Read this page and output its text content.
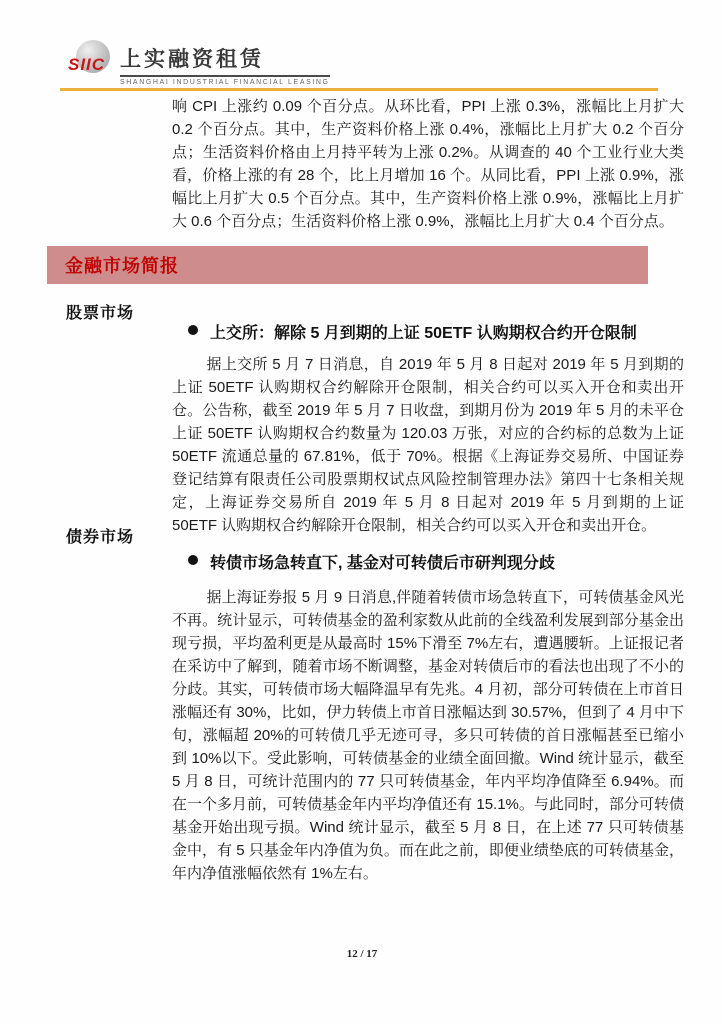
SIIC 上实融资租赁
SHANGHAI INDUSTRIAL FINANCIAL LEASING
响 CPI 上涨约 0.09 个百分点。从环比看，PPI 上涨 0.3%，涨幅比上月扩大 0.2 个百分点。其中，生产资料价格上涨 0.4%，涨幅比上月扩大 0.2 个百分点；生活资料价格由上月持平转为上涨 0.2%。从调查的 40 个工业行业大类看，价格上涨的有 28 个，比上月增加 16 个。从同比看，PPI 上涨 0.9%，涨幅比上月扩大 0.5 个百分点。其中，生产资料价格上涨 0.9%，涨幅比上月扩大 0.6 个百分点；生活资料价格上涨 0.9%，涨幅比上月扩大 0.4 个百分点。
金融市场简报
股票市场
上交所：解除 5 月到期的上证 50ETF 认购期权合约开仓限制
据上交所 5 月 7 日消息，自 2019 年 5 月 8 日起对 2019 年 5 月到期的上证 50ETF 认购期权合约解除开仓限制，相关合约可以买入开仓和卖出开仓。公告称，截至 2019 年 5 月 7 日收盘，到期月份为 2019 年 5 月的未平仓上证 50ETF 认购期权合约数量为 120.03 万张，对应的合约标的总数为上证 50ETF 流通总量的 67.81%，低于 70%。根据《上海证券交易所、中国证券登记结算有限责任公司股票期权试点风险控制管理办法》第四十七条相关规定，上海证券交易所自 2019 年 5 月 8 日起对 2019 年 5 月到期的上证 50ETF 认购期权合约解除开仓限制，相关合约可以买入开仓和卖出开仓。
债券市场
转债市场急转直下, 基金对可转债后市研判现分歧
据上海证券报 5 月 9 日消息,伴随着转债市场急转直下，可转债基金风光不再。统计显示，可转债基金的盈利家数从此前的全线盈利发展到部分基金出现亏损，平均盈利更是从最高时 15%下滑至 7%左右，遭遇腰斩。上证报记者在采访中了解到，随着市场不断调整，基金对转债后市的看法也出现了不小的分歧。其实，可转债市场大幅降温早有先兆。4 月初，部分可转债在上市首日涨幅还有 30%，比如，伊力转债上市首日涨幅达到 30.57%，但到了 4 月中下旬，涨幅超 20%的可转债几乎无迹可寻，多只可转债的首日涨幅甚至已缩小到 10%以下。受此影响，可转债基金的业绩全面回撤。Wind 统计显示，截至 5 月 8 日，可统计范围内的 77 只可转债基金，年内平均净值降至 6.94%。而在一个多月前，可转债基金年内平均净值还有 15.1%。与此同时，部分可转债基金开始出现亏损。Wind 统计显示，截至 5 月 8 日，在上述 77 只可转债基金中，有 5 只基金年内净值为负。而在此之前，即便业绩垫底的可转债基金，年内净值涨幅依然有 1%左右。
12 / 17
